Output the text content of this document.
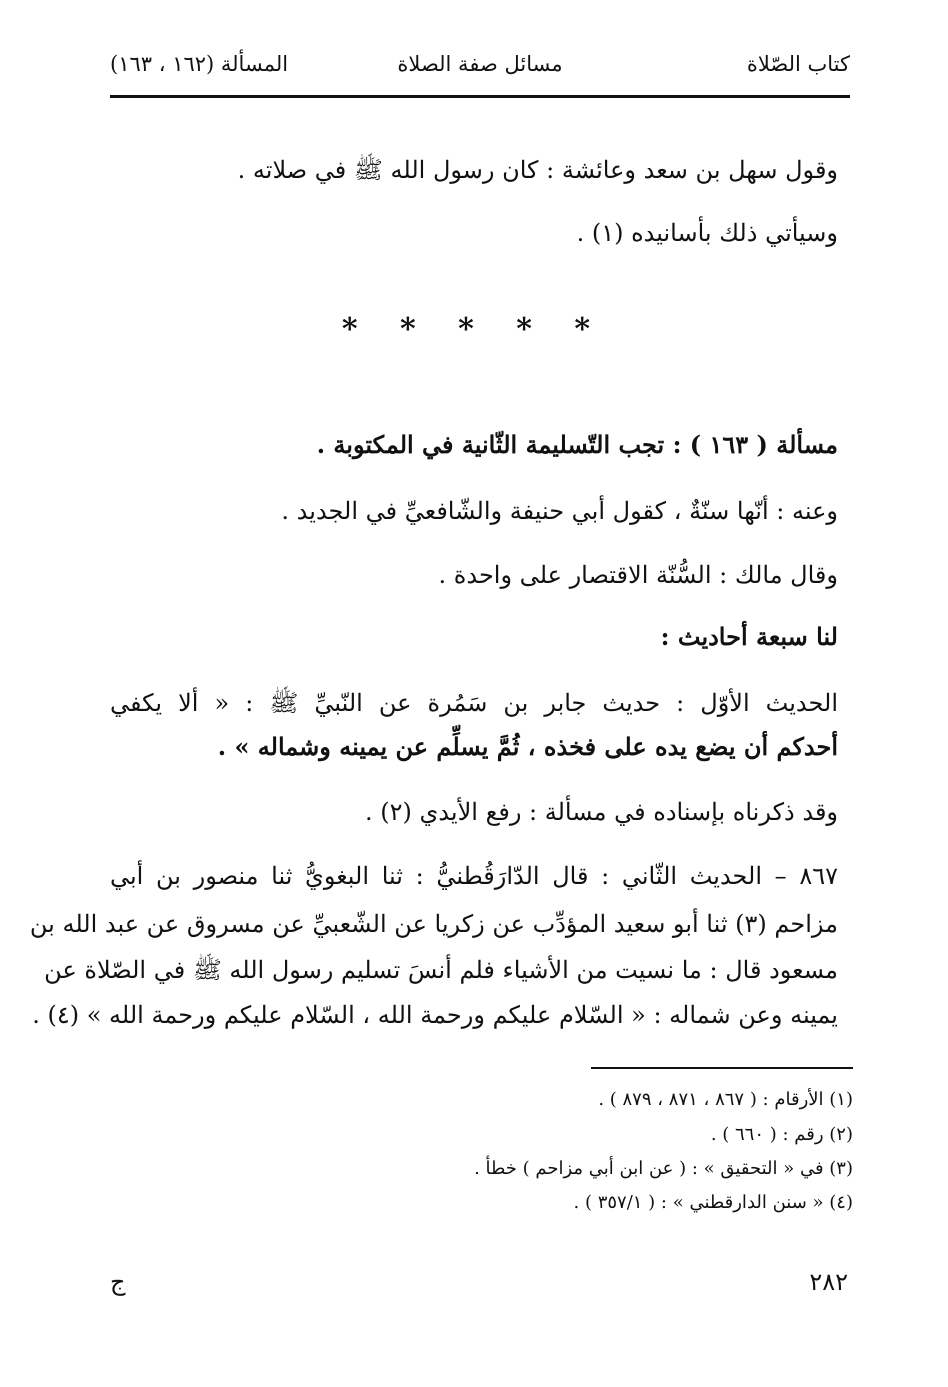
كتاب الصّلاة
مسائل صفة الصلاة
المسألة (١٦٢ ، ١٦٣)
وقول سهل بن سعد وعائشة : كان رسول الله ﷺ في صلاته .
وسيأتي ذلك بأسانيده (١) .
* * * * *
مسألة ( ١٦٣ ) : تجب التّسليمة الثّانية في المكتوبة .
وعنه : أنّها سنّةٌ ، كقول أبي حنيفة والشّافعيِّ في الجديد .
وقال مالك : السُّنّة الاقتصار على واحدة .
لنا سبعة أحاديث :
الحديث الأوّل : حديث جابر بن سَمُرة عن النّبيِّ ﷺ : « ألا يكفي
أحدكم أن يضع يده على فخذه ، ثُمَّ يسلِّم عن يمينه وشماله » .
وقد ذكرناه بإسناده في مسألة : رفع الأيدي (٢) .
٨٦٧ – الحديث الثّاني : قال الدّارَقُطنيُّ : ثنا البغويُّ ثنا منصور بن أبي
مزاحم (٣) ثنا أبو سعيد المؤدِّب عن زكريا عن الشّعبيِّ عن مسروق عن عبد الله بن
مسعود قال : ما نسيت من الأشياء فلم أنسَ تسليم رسول الله ﷺ في الصّلاة عن
يمينه وعن شماله : « السّلام عليكم ورحمة الله ، السّلام عليكم ورحمة الله » (٤) .
(١) الأرقام : ( ٨٦٧ ، ٨٧١ ، ٨٧٩ ) .
(٢) رقم : ( ٦٦٠ ) .
(٣) في « التحقيق » : ( عن ابن أبي مزاحم ) خطأ .
(٤) « سنن الدارقطني » : ( ٣٥٧/١ ) .
٢٨٢
ج
